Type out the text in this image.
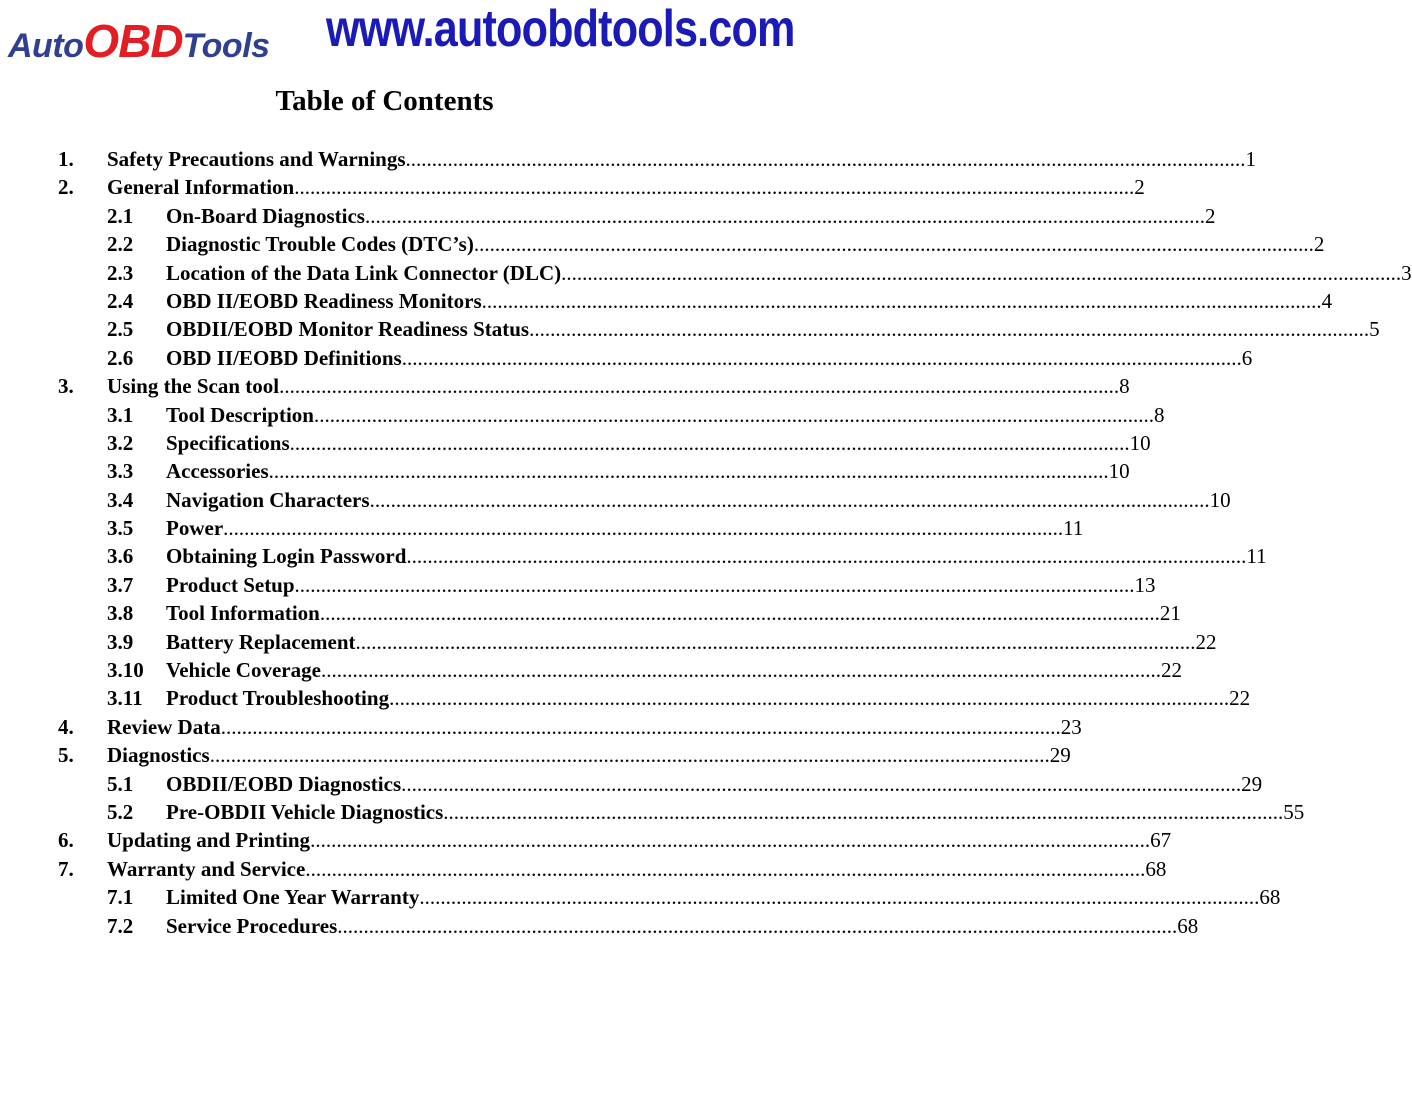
AutoOBDTools www.autoobdtools.com
Table of Contents
1. Safety Precautions and Warnings ................................................................................................................................................................ 1
2. General Information ................................................................................................................................................................ 2
2.1 On-Board Diagnostics ................................................................................................................................................................ 2
2.2 Diagnostic Trouble Codes (DTC’s) ................................................................................................................................................................ 2
2.3 Location of the Data Link Connector (DLC) ................................................................................................................................................................ 3
2.4 OBD II/EOBD Readiness Monitors ................................................................................................................................................................ 4
2.5 OBDII/EOBD Monitor Readiness Status ................................................................................................................................................................ 5
2.6 OBD II/EOBD Definitions ................................................................................................................................................................ 6
3. Using the Scan tool ................................................................................................................................................................ 8
3.1 Tool Description ................................................................................................................................................................ 8
3.2 Specifications ................................................................................................................................................................ 10
3.3 Accessories ................................................................................................................................................................ 10
3.4 Navigation Characters ................................................................................................................................................................ 10
3.5 Power ................................................................................................................................................................ 11
3.6 Obtaining Login Password ................................................................................................................................................................ 11
3.7 Product Setup ................................................................................................................................................................ 13
3.8 Tool Information ................................................................................................................................................................ 21
3.9 Battery Replacement ................................................................................................................................................................ 22
3.10 Vehicle Coverage ................................................................................................................................................................ 22
3.11 Product Troubleshooting ................................................................................................................................................................ 22
4. Review Data ................................................................................................................................................................ 23
5. Diagnostics ................................................................................................................................................................ 29
5.1 OBDII/EOBD Diagnostics ................................................................................................................................................................ 29
5.2 Pre-OBDII Vehicle Diagnostics ................................................................................................................................................................ 55
6. Updating and Printing ................................................................................................................................................................ 67
7. Warranty and Service ................................................................................................................................................................ 68
7.1 Limited One Year Warranty ................................................................................................................................................................ 68
7.2 Service Procedures ................................................................................................................................................................ 68
